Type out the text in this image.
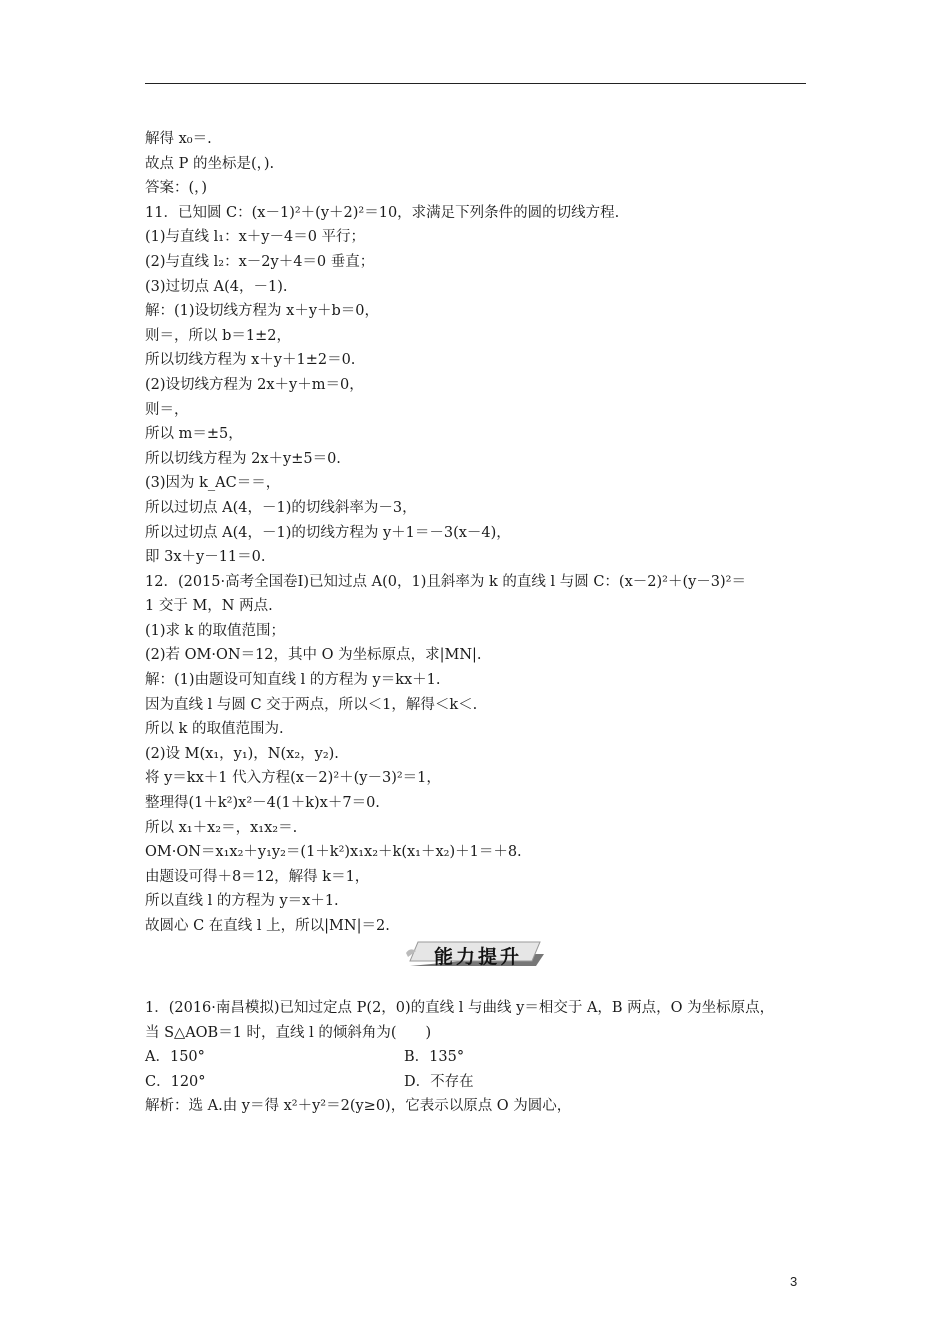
解得 x₀＝.
故点 P 的坐标是(，).
答案：(，)
11．已知圆 C：(x－1)²＋(y＋2)²＝10，求满足下列条件的圆的切线方程.
(1)与直线 l₁：x＋y－4＝0 平行；
(2)与直线 l₂：x－2y＋4＝0 垂直；
(3)过切点 A(4，－1).
解：(1)设切线方程为 x＋y＋b＝0，
则＝，所以 b＝1±2，
所以切线方程为 x＋y＋1±2＝0.
(2)设切线方程为 2x＋y＋m＝0，
则＝，
所以 m＝±5，
所以切线方程为 2x＋y±5＝0.
(3)因为 k_AC＝＝，
所以过切点 A(4，－1)的切线斜率为－3，
所以过切点 A(4，－1)的切线方程为 y＋1＝－3(x－4)，
即 3x＋y－11＝0.
12．(2015·高考全国卷Ⅰ)已知过点 A(0，1)且斜率为 k 的直线 l 与圆 C：(x－2)²＋(y－3)²＝
1 交于 M，N 两点.
(1)求 k 的取值范围；
(2)若 OM·ON＝12，其中 O 为坐标原点，求|MN|.
解：(1)由题设可知直线 l 的方程为 y＝kx＋1.
因为直线 l 与圆 C 交于两点，所以＜1，解得＜k＜.
所以 k 的取值范围为.
(2)设 M(x₁，y₁)，N(x₂，y₂).
将 y＝kx＋1 代入方程(x－2)²＋(y－3)²＝1，
整理得(1＋k²)x²－4(1＋k)x＋7＝0.
所以 x₁＋x₂＝，x₁x₂＝.
OM·ON＝x₁x₂＋y₁y₂＝(1＋k²)x₁x₂＋k(x₁＋x₂)＋1＝＋8.
由题设可得＋8＝12，解得 k＝1，
所以直线 l 的方程为 y＝x＋1.
故圆心 C 在直线 l 上，所以|MN|＝2.
能力提升
1．(2016·南昌模拟)已知过定点 P(2，0)的直线 l 与曲线 y＝相交于 A，B 两点，O 为坐标原点，
当 S△AOB＝1 时，直线 l 的倾斜角为(　　)
A．150°	B．135°
C．120°	D．不存在
解析：选 A.由 y＝得 x²＋y²＝2(y≥0)，它表示以原点 O 为圆心，
3
